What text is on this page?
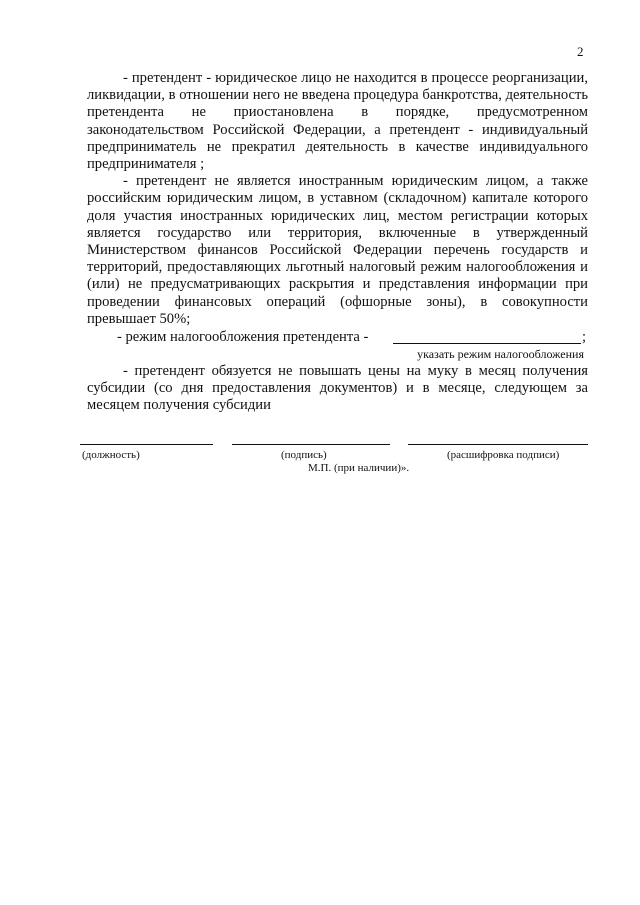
2

- претендент - юридическое лицо не находится в процессе реорганизации, ликвидации, в отношении него не введена процедура банкротства, деятельность претендента не приостановлена в порядке, предусмотренном законодательством Российской Федерации, а претендент - индивидуальный предприниматель не прекратил деятельность в качестве индивидуального предпринимателя ;

- претендент не является иностранным юридическим лицом, а также российским юридическим лицом, в уставном (складочном) капитале которого доля участия иностранных юридических лиц, местом регистрации которых является государство или территория, включенные в утвержденный Министерством финансов Российской Федерации перечень государств и территорий, предоставляющих льготный налоговый режим налогообложения и (или) не предусматривающих раскрытия и представления информации при проведении финансовых операций (офшорные зоны), в совокупности превышает 50%;

- режим налогообложения претендента -	;
указать режим налогообложения

- претендент обязуется не повышать цены на муку в месяц получения субсидии (со дня предоставления документов) и в месяце, следующем за месяцем получения субсидии

(должность)	(подпись)	(расшифровка подписи)
М.П. (при наличии)».
